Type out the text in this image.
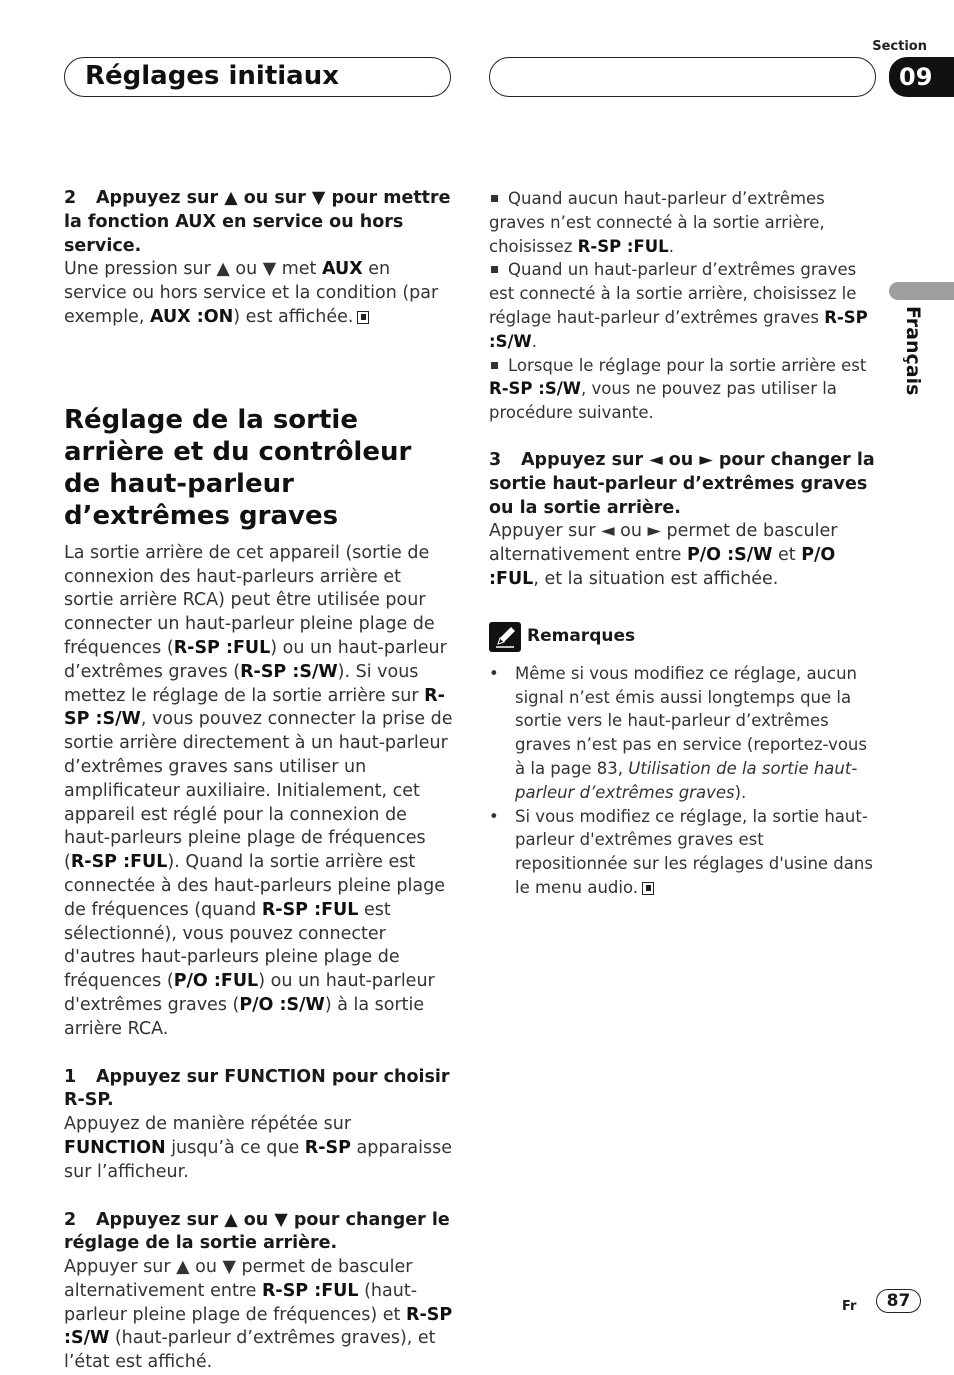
Réglages initiaux
Section
09
Français

2 Appuyez sur ▲ ou sur ▼ pour mettre la fonction AUX en service ou hors service.

Une pression sur ▲ ou ▼ met AUX en service ou hors service et la condition (par exemple, AUX :ON) est affichée.

Réglage de la sortie arrière et du contrôleur de haut-parleur d’extrêmes graves

La sortie arrière de cet appareil (sortie de connexion des haut-parleurs arrière et sortie arrière RCA) peut être utilisée pour connecter un haut-parleur pleine plage de fréquences (R-SP :FUL) ou un haut-parleur d’extrêmes graves (R-SP :S/W). Si vous mettez le réglage de la sortie arrière sur R-SP :S/W, vous pouvez connecter la prise de sortie arrière directement à un haut-parleur d’extrêmes graves sans utiliser un amplificateur auxiliaire. Initialement, cet appareil est réglé pour la connexion de haut-parleurs pleine plage de fréquences (R-SP :FUL). Quand la sortie arrière est connectée à des haut-parleurs pleine plage de fréquences (quand R-SP :FUL est sélectionné), vous pouvez connecter d'autres haut-parleurs pleine plage de fréquences (P/O :FUL) ou un haut-parleur d'extrêmes graves (P/O :S/W) à la sortie arrière RCA.

1 Appuyez sur FUNCTION pour choisir R-SP.

Appuyez de manière répétée sur FUNCTION jusqu’à ce que R-SP apparaisse sur l’afficheur.

2 Appuyez sur ▲ ou ▼ pour changer le réglage de la sortie arrière.

Appuyer sur ▲ ou ▼ permet de basculer alternativement entre R-SP :FUL (haut-parleur pleine plage de fréquences) et R-SP :S/W (haut-parleur d’extrêmes graves), et l’état est affiché.

Quand aucun haut-parleur d’extrêmes graves n’est connecté à la sortie arrière, choisissez R-SP :FUL.

Quand un haut-parleur d’extrêmes graves est connecté à la sortie arrière, choisissez le réglage haut-parleur d’extrêmes graves R-SP :S/W.

Lorsque le réglage pour la sortie arrière est R-SP :S/W, vous ne pouvez pas utiliser la procédure suivante.

3 Appuyez sur ◄ ou ► pour changer la sortie haut-parleur d’extrêmes graves ou la sortie arrière.

Appuyer sur ◄ ou ► permet de basculer alternativement entre P/O :S/W et P/O :FUL, et la situation est affichée.

Remarques

• Même si vous modifiez ce réglage, aucun signal n’est émis aussi longtemps que la sortie vers le haut-parleur d’extrêmes graves n’est pas en service (reportez-vous à la page 83, Utilisation de la sortie haut-parleur d’extrêmes graves).

• Si vous modifiez ce réglage, la sortie haut-parleur d'extrêmes graves est repositionnée sur les réglages d'usine dans le menu audio.

Fr	87
